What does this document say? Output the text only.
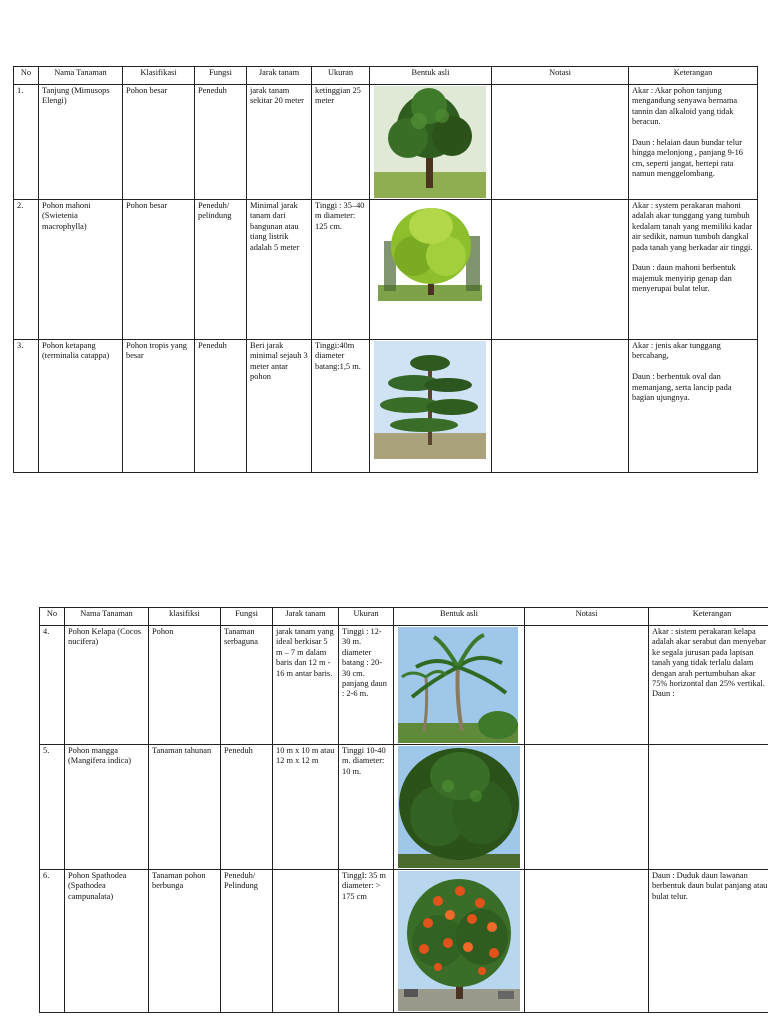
No	Nama Tanaman	Klasifikasi	Fungsi	Jarak tanam	Ukuran	Bentuk asli	Notasi	Keterangan
1.	Tanjung (Mimusops Elengi)	Pohon besar	Peneduh	jarak tanam sekitar 20 meter	ketinggian 25 meter			Akar : Akar pohon tanjung mengandung senyawa bernama tannin dan alkaloid yang tidak beracun.

Daun : helaian daun bundar telur hingga melonjong , panjang 9-16 cm, seperti jangat, bertepi rata namun menggelombang.
2.	Pohon mahoni (Swietenia macrophylla)	Pohon besar	Peneduh/ pelindung	Minimal jarak tanam dari bangunan atau tiang listrik adalah 5 meter	Tinggi : 35–40 m diameter: 125 cm.			Akar : system perakaran mahoni adalah akar tunggang yang tumbuh kedalam tanah yang memiliki kadar air sedikit, namun tumbuh dangkal pada tanah yang berkadar air tinggi.

Daun : daun mahoni berbentuk majemuk menyirip genap dan menyerupai bulat telur.
3.	Pohon ketapang (terminalia catappa)	Pohon tropis yang besar	Peneduh	Beri jarak minimal sejauh 3 meter antar pohon	Tinggi:40m diameter batang:1,5 m.			Akar : jenis akar tunggang bercabang,

Daun : berbentuk oval dan memanjang, serta lancip pada bagian ujungnya.
No	Nama Tanaman	klasifiksi	Fungsi	Jarak tanam	Ukuran	Bentuk asli	Notasi	Keterangan
4.	Pohon Kelapa (Cocos nucifera)	Pohon	Tanaman serbaguna	jarak tanam yang ideal berkisar 5 m – 7 m dalam baris dan 12 m - 16 m antar baris.	Tinggi : 12-30 m. diameter batang : 20-30 cm. panjang daun : 2-6 m.			Akar : sistem perakaran kelapa adalah akar serabut dan menyebar ke segala jurusan pada lapisan tanah yang tidak terlalu dalam dengan arah pertumbuhan akar 75% horizontal dan 25% vertikal.
Daun :
5.	Pohon mangga (Mangifera indica)	Tanaman tahunan	Peneduh	10 m x 10 m atau 12 m x 12 m	Tinggi 10-40 m. diameter: 10 m.	

6.	Pohon Spathodea (Spathodea campunalata)	Tanaman pohon berbunga	Peneduh/ Pelindung		TinggI: 35 m diameter: > 175 cm			Daun : Duduk daun lawanan berbentuk daun bulat panjang atau bulat telur.
